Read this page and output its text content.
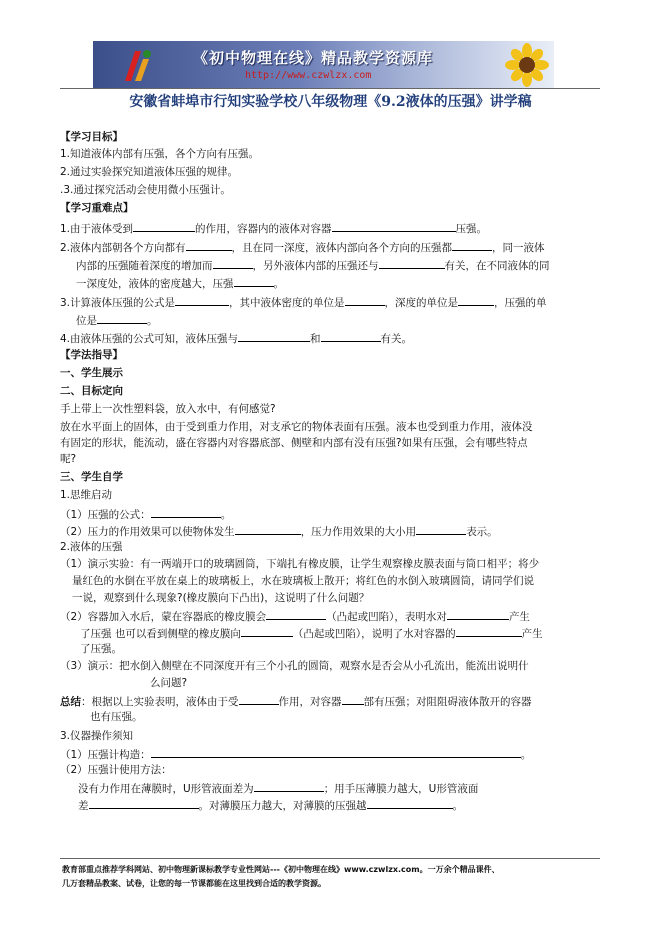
《初中物理在线》精品教学资源库
http://www.czwlzx.com
安徽省蚌埠市行知实验学校八年级物理《9.2液体的压强》讲学稿
【学习目标】
1.知道液体内部有压强，各个方向有压强。
2.通过实验探究知道液体压强的规律。
.3.通过探究活动会使用微小压强计。
【学习重难点】
1.由于液体受到	的作用，容器内的液体对容器	压强。
2.液体内部朝各个方向都有	，且在同一深度，液体内部向各个方向的压强都	，同一液体
内部的压强随着深度的增加而	，另外液体内部的压强还与	有关，在不同液体的同
一深度处，液体的密度越大，压强	。
3.计算液体压强的公式是	，其中液体密度的单位是	，深度的单位是	，压强的单
位是	。
4.由液体压强的公式可知，液体压强与	和	有关。
【学法指导】
一、学生展示
二、目标定向
手上带上一次性塑料袋，放入水中，有何感觉?
放在水平面上的固体，由于受到重力作用，对支承它的物体表面有压强。液本也受到重力作用，液体没
有固定的形状，能流动，盛在容器内对容器底部、侧壁和内部有没有压强?如果有压强，会有哪些特点
呢?
三、学生自学
1.思维启动
（1）压强的公式：	。
（2）压力的作用效果可以使物体发生	，压力作用效果的大小用	表示。
2.液体的压强
（1）演示实验：有一两端开口的玻璃圆筒，下端扎有橡皮膜，让学生观察橡皮膜表面与筒口相平；将少
量红色的水倒在平放在桌上的玻璃板上，水在玻璃板上散开；将红色的水倒入玻璃圆筒，请同学们说
一说，观察到什么现象?(橡皮膜向下凸出)，这说明了什么问题？
（2）容器加入水后，蒙在容器底的橡皮膜会	（凸起或凹陷），表明水对	产生
了压强 也可以看到侧壁的橡皮膜向	（凸起或凹陷），说明了水对容器的	产生
了压强。
（3）演示：把水倒入侧壁在不同深度开有三个小孔的圆筒，观察水是否会从小孔流出，能流出说明什
么问题?
总结：根据以上实验表明，液体由于受	作用，对容器 部有压强；对阻阻碍液体散开的容器
也有压强。
3.仪器操作须知
（1）压强计构造：	。
（2）压强计使用方法：
没有力作用在薄膜时，U形管液面差为	；用手压薄膜力越大，U形管液面
差	。对薄膜压力越大，对薄膜的压强越	。
教育部重点推荐学科网站、初中物理新课标教学专业性网站---《初中物理在线》www.czwlzx.com。一万余个精品课件、
几万套精品教案、试卷，让您的每一节课都能在这里找到合适的教学资源。
